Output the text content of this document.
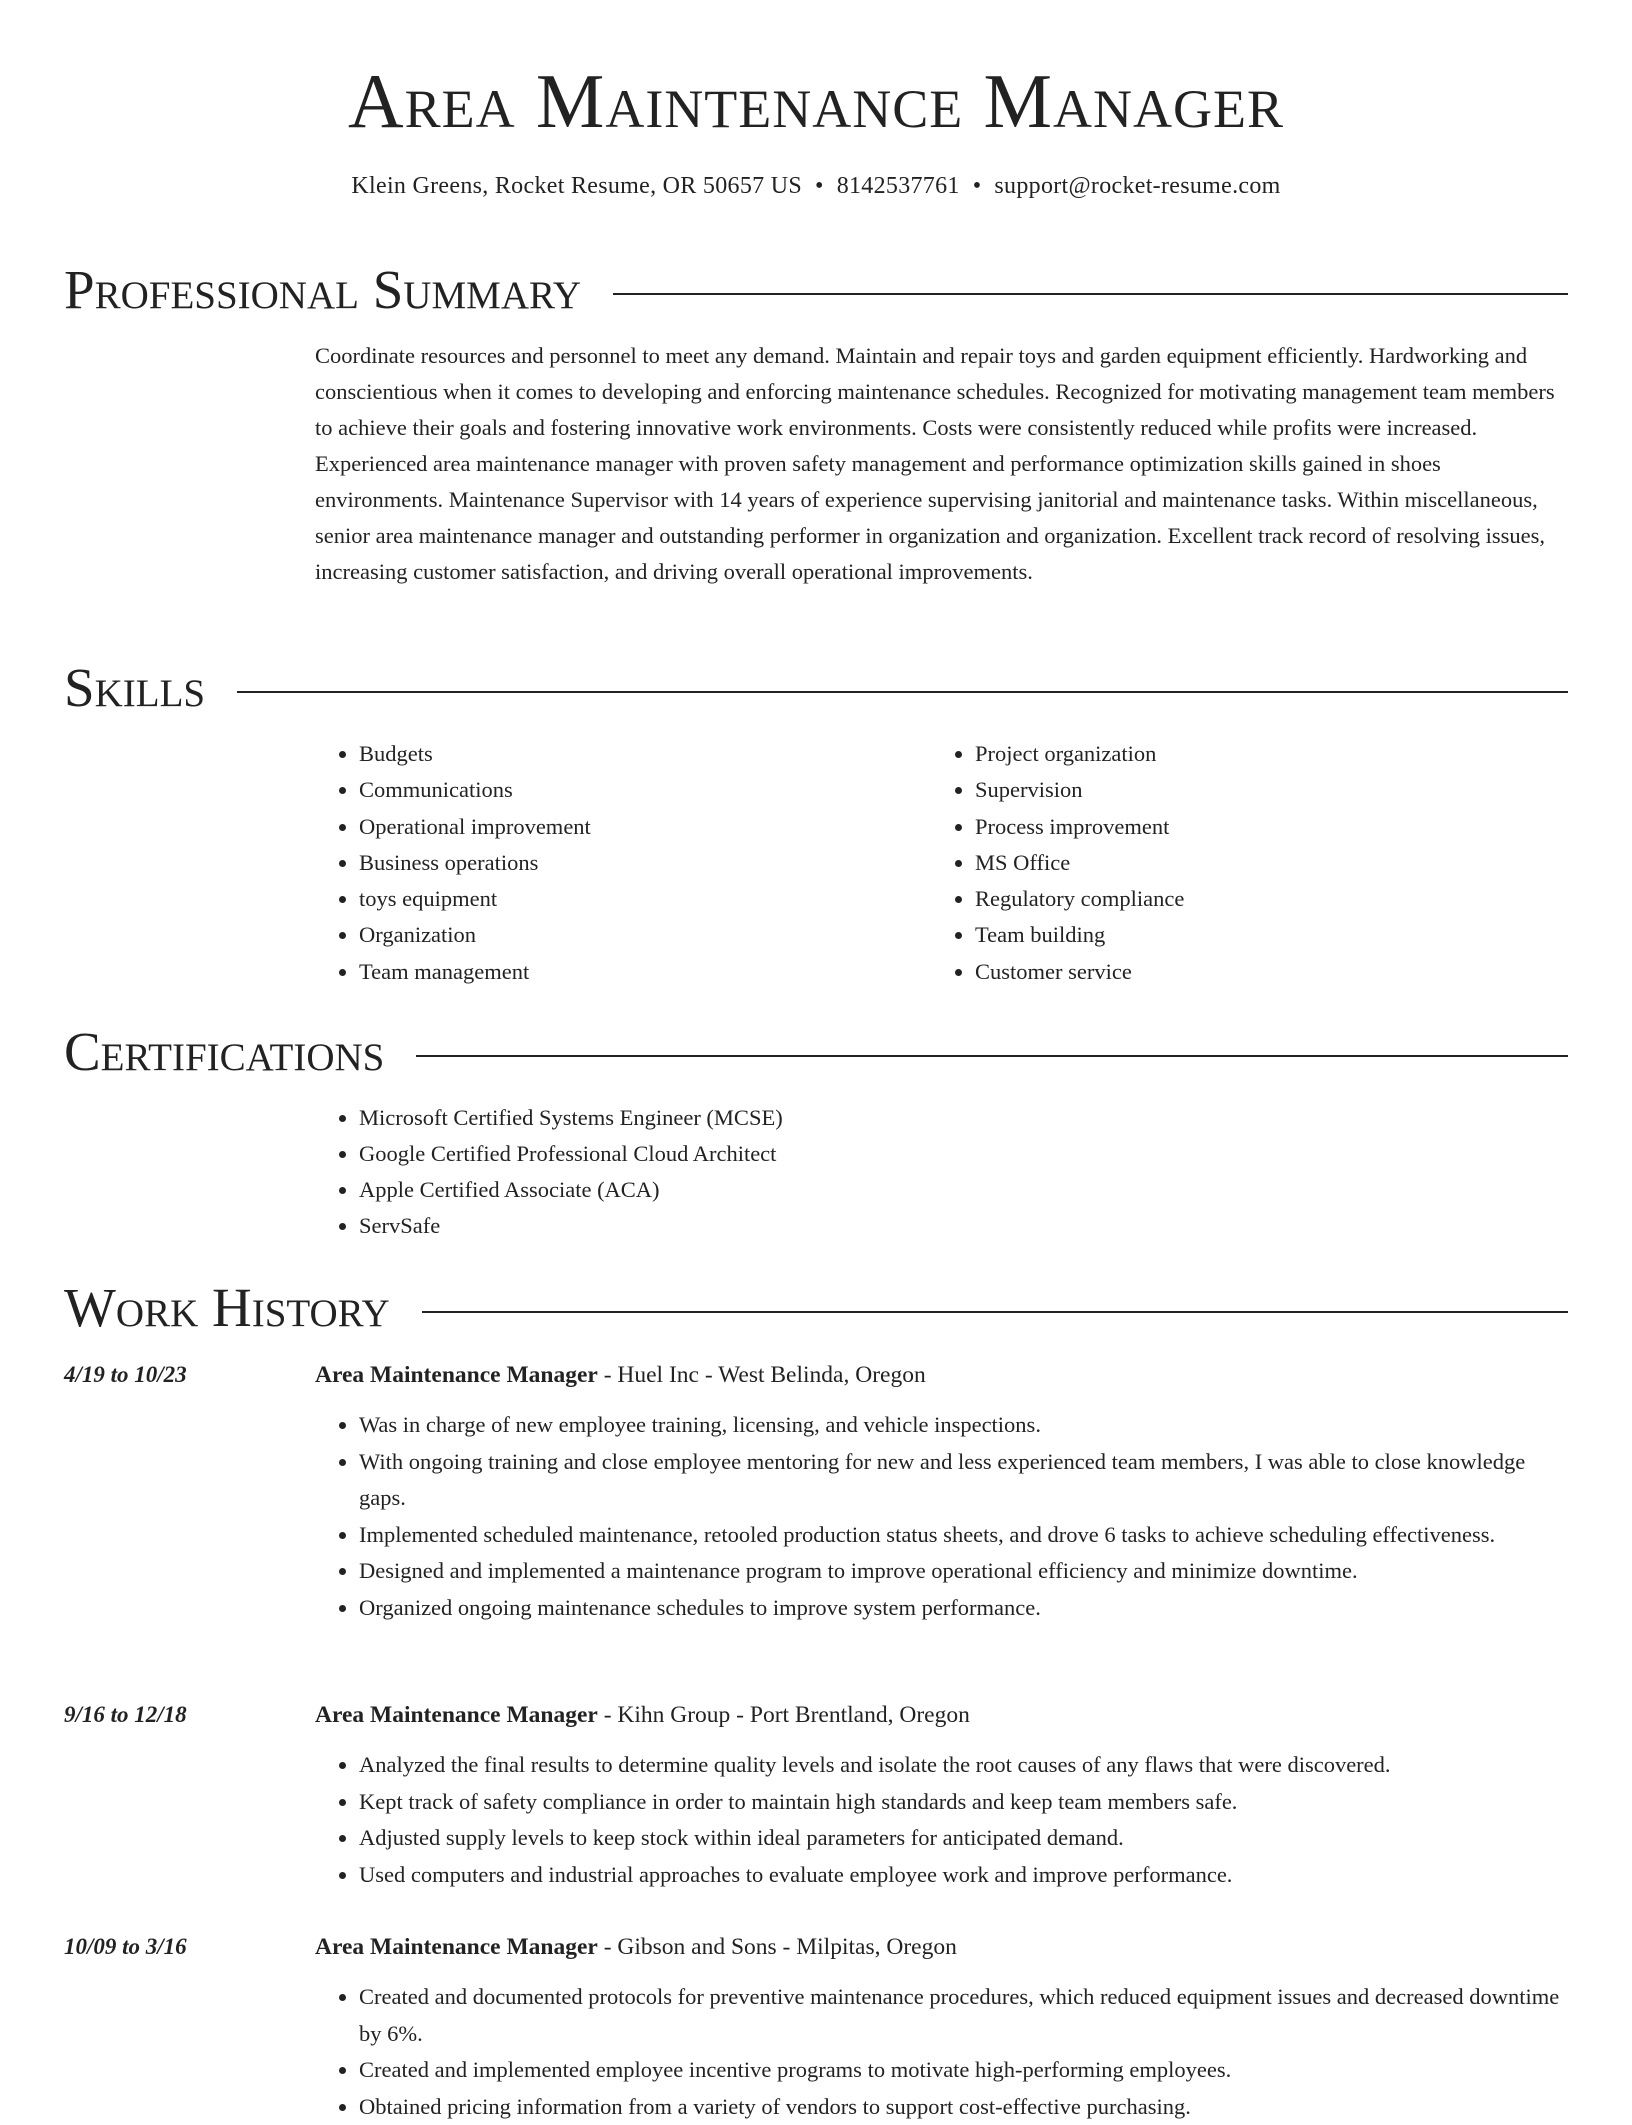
Area Maintenance Manager
Klein Greens, Rocket Resume, OR 50657 US • 8142537761 • support@rocket-resume.com
Professional Summary

Coordinate resources and personnel to meet any demand. Maintain and repair toys and garden equipment efficiently. Hardworking and conscientious when it comes to developing and enforcing maintenance schedules. Recognized for motivating management team members to achieve their goals and fostering innovative work environments. Costs were consistently reduced while profits were increased. Experienced area maintenance manager with proven safety management and performance optimization skills gained in shoes environments. Maintenance Supervisor with 14 years of experience supervising janitorial and maintenance tasks. Within miscellaneous, senior area maintenance manager and outstanding performer in organization and organization. Excellent track record of resolving issues, increasing customer satisfaction, and driving overall operational improvements.

Skills
• Budgets
• Communications
• Operational improvement
• Business operations
• toys equipment
• Organization
• Team management
• Project organization
• Supervision
• Process improvement
• MS Office
• Regulatory compliance
• Team building
• Customer service
Certifications
• Microsoft Certified Systems Engineer (MCSE)
• Google Certified Professional Cloud Architect
• Apple Certified Associate (ACA)
• ServSafe
Work History
4/19 to 10/23	Area Maintenance Manager - Huel Inc - West Belinda, Oregon
• Was in charge of new employee training, licensing, and vehicle inspections.
• With ongoing training and close employee mentoring for new and less experienced team members, I was able to close knowledge gaps.
• Implemented scheduled maintenance, retooled production status sheets, and drove 6 tasks to achieve scheduling effectiveness.
• Designed and implemented a maintenance program to improve operational efficiency and minimize downtime.
• Organized ongoing maintenance schedules to improve system performance.
9/16 to 12/18	Area Maintenance Manager - Kihn Group - Port Brentland, Oregon
• Analyzed the final results to determine quality levels and isolate the root causes of any flaws that were discovered.
• Kept track of safety compliance in order to maintain high standards and keep team members safe.
• Adjusted supply levels to keep stock within ideal parameters for anticipated demand.
• Used computers and industrial approaches to evaluate employee work and improve performance.
10/09 to 3/16	Area Maintenance Manager - Gibson and Sons - Milpitas, Oregon
• Created and documented protocols for preventive maintenance procedures, which reduced equipment issues and decreased downtime by 6%.
• Created and implemented employee incentive programs to motivate high-performing employees.
• Obtained pricing information from a variety of vendors to support cost-effective purchasing.
